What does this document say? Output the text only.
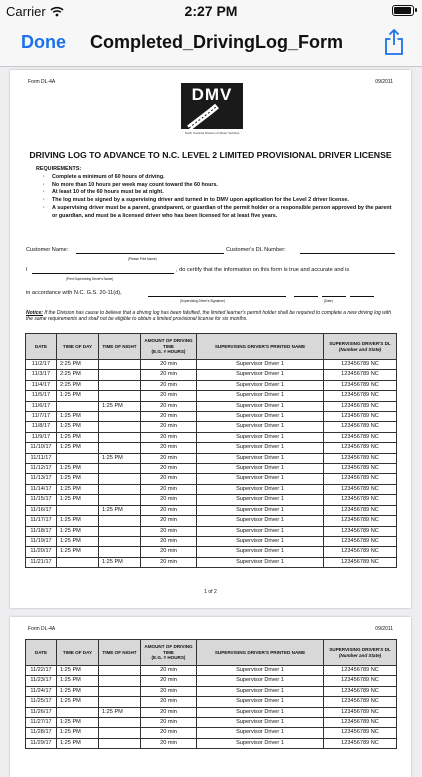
Carrier	2:27 PM
Done Completed_DrivingLog_Form
Form DL-4A	09/2011
DMV
North Carolina Division of Motor Vehicles
DRIVING LOG TO ADVANCE TO N.C. LEVEL 2 LIMITED PROVISIONAL DRIVER LICENSE
REQUIREMENTS:
· Complete a minimum of 60 hours of driving.
· No more than 10 hours per week may count toward the 60 hours.
· At least 10 of the 60 hours must be at night.
· The log must be signed by a supervising driver and turned in to DMV upon application for the Level 2 driver license.
· A supervising driver must be a parent, grandparent, or guardian of the permit holder or a responsible person approved by the parent or guardian, and must be a licensed driver who has been licensed for at least five years.
Customer Name:	Customer's DL Number:
(Please Print Name)
I	, do certify that the information on this form is true and accurate and is
(Print Supervising Driver's Name)
in accordance with N.C. G.S. 20-11(d),
(Supervising Driver's Signature)	(Date)
Notice: If the Division has cause to believe that a driving log has been falsified, the limited learner's permit holder shall be required to complete a new driving log with the same requirements and shall not be eligible to obtain a limited provisional license for six months.
DATE	TIME OF DAY	TIME OF NIGHT	AMOUNT OF DRIVING TIME
(E.G. # HOURS)	SUPERVISING DRIVER'S PRINTED NAME	SUPERVISING DRIVER'S DL
(Number and State)
11/2/17	2:25 PM		20 min	Supervisor Driver 1	123456789 NC
11/3/17	2:25 PM		20 min	Supervisor Driver 1	123456789 NC
11/4/17	2:25 PM		20 min	Supervisor Driver 1	123456789 NC
11/5/17	1:25 PM		20 min	Supervisor Driver 1	123456789 NC
11/6/17		1:25 PM	20 min	Supervisor Driver 1	123456789 NC
11/7/17	1:25 PM		20 min	Supervisor Driver 1	123456789 NC
11/8/17	1:25 PM		20 min	Supervisor Driver 1	123456789 NC
11/9/17	1:25 PM		20 min	Supervisor Driver 1	123456789 NC
11/10/17	1:25 PM		20 min	Supervisor Driver 1	123456789 NC
11/11/17		1:25 PM	20 min	Supervisor Driver 1	123456789 NC
11/12/17	1:25 PM		20 min	Supervisor Driver 1	123456789 NC
11/13/17	1:25 PM		20 min	Supervisor Driver 1	123456789 NC
11/14/17	1:25 PM		20 min	Supervisor Driver 1	123456789 NC
11/15/17	1:25 PM		20 min	Supervisor Driver 1	123456789 NC
11/16/17		1:25 PM	20 min	Supervisor Driver 1	123456789 NC
11/17/17	1:25 PM		20 min	Supervisor Driver 1	123456789 NC
11/18/17	1:25 PM		20 min	Supervisor Driver 1	123456789 NC
11/19/17	1:25 PM		20 min	Supervisor Driver 1	123456789 NC
11/20/17	1:25 PM		20 min	Supervisor Driver 1	123456789 NC
11/21/17		1:25 PM	20 min	Supervisor Driver 1	123456789 NC
1 of 2
Form DL-4A	09/2011
DATE	TIME OF DAY	TIME OF NIGHT	AMOUNT OF DRIVING TIME
(E.G. # HOURS)	SUPERVISING DRIVER'S PRINTED NAME	SUPERVISING DRIVER'S DL
(Number and State)
11/22/17	1:25 PM		20 min	Supervisor Driver 1	123456789 NC
11/23/17	1:25 PM		20 min	Supervisor Driver 1	123456789 NC
11/24/17	1:25 PM		20 min	Supervisor Driver 1	123456789 NC
11/25/17	1:25 PM		20 min	Supervisor Driver 1	123456789 NC
11/26/17		1:25 PM	20 min	Supervisor Driver 1	123456789 NC
11/27/17	1:25 PM		20 min	Supervisor Driver 1	123456789 NC
11/28/17	1:25 PM		20 min	Supervisor Driver 1	123456789 NC
11/29/17	1:25 PM		20 min	Supervisor Driver 1	123456789 NC
